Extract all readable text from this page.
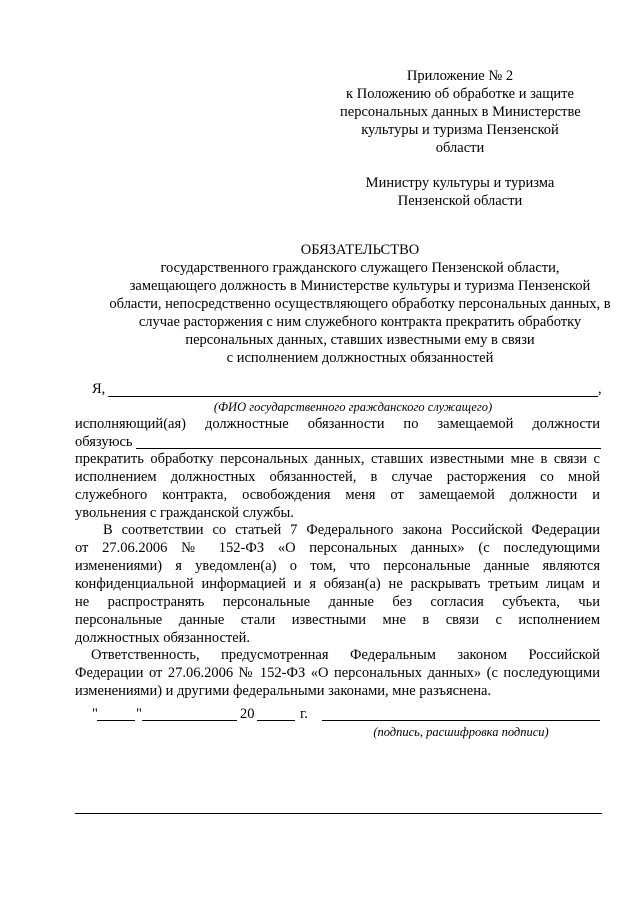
Приложение № 2
к Положению об обработке и защите
персональных данных в Министерстве
культуры и туризма Пензенской
области
Министру культуры и туризма
Пензенской области
ОБЯЗАТЕЛЬСТВО
государственного гражданского служащего Пензенской области,
замещающего должность в Министерстве культуры и туризма Пензенской
области, непосредственно осуществляющего обработку персональных данных, в
случае расторжения с ним служебного контракта прекратить обработку
персональных данных, ставших известными ему в связи
с исполнением должностных обязанностей
Я,	,
(ФИО государственного гражданского служащего)
исполняющий(ая) должностные обязанности по замещаемой должности
обязуюсь
прекратить обработку персональных данных, ставших известными мне в связи с
исполнением должностных обязанностей, в случае расторжения со мной
служебного контракта, освобождения меня от замещаемой должности и
увольнения с гражданской службы.
В соответствии со статьей 7 Федерального закона Российской Федерации
от 27.06.2006 № 152-ФЗ «О персональных данных» (с последующими
изменениями) я уведомлен(а) о том, что персональные данные являются
конфиденциальной информацией и я обязан(а) не раскрывать третьим лицам и
не распространять персональные данные без согласия субъекта, чьи
персональные данные стали известными мне в связи с исполнением
должностных обязанностей.
Ответственность, предусмотренная Федеральным законом Российской
Федерации от 27.06.2006 № 152-ФЗ «О персональных данных» (с последующими
изменениями) и другими федеральными законами, мне разъяснена.
"	"	20	г.
(подпись, расшифровка подписи)
